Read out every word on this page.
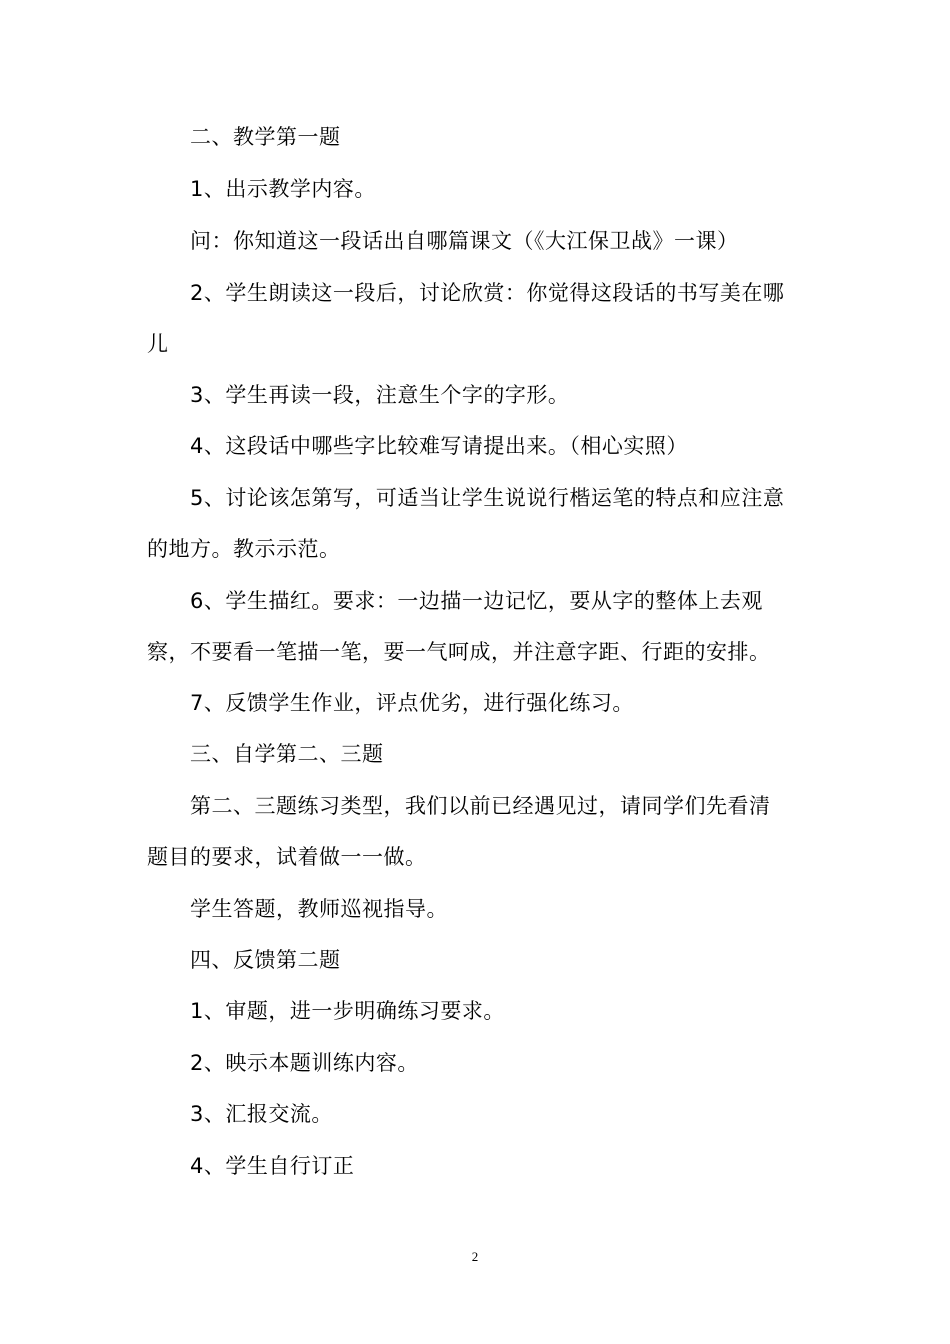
二、教学第一题
1、出示教学内容。
问：你知道这一段话出自哪篇课文（《大江保卫战》一课）
2、学生朗读这一段后，讨论欣赏：你觉得这段话的书写美在哪
儿
3、学生再读一段，注意生个字的字形。
4、这段话中哪些字比较难写请提出来。（相心实照）
5、讨论该怎第写，可适当让学生说说行楷运笔的特点和应注意
的地方。教示示范。
6、学生描红。要求：一边描一边记忆，要从字的整体上去观
察，不要看一笔描一笔，要一气呵成，并注意字距、行距的安排。
7、反馈学生作业，评点优劣，进行强化练习。
三、自学第二、三题
第二、三题练习类型，我们以前已经遇见过，请同学们先看清
题目的要求，试着做一一做。
学生答题，教师巡视指导。
四、反馈第二题
1、审题，进一步明确练习要求。
2、映示本题训练内容。
3、汇报交流。
4、学生自行订正
2
